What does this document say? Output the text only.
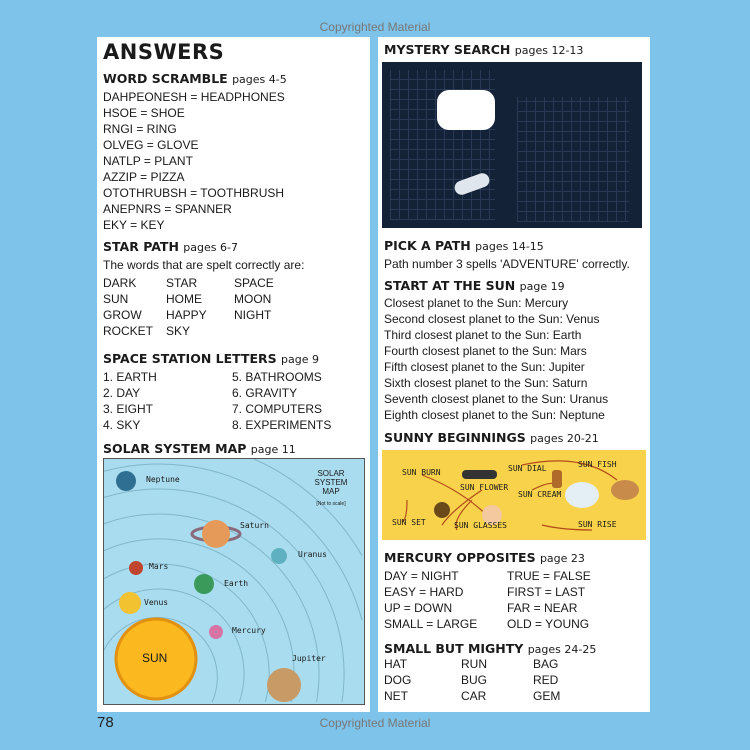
Copyrighted Material
Copyrighted Material
78
ANSWERS
WORD SCRAMBLE pages 4-5
DAHPEONESH = HEADPHONES
HSOE = SHOE
RNGI = RING
OLVEG = GLOVE
NATLP = PLANT
AZZIP = PIZZA
OTOTHRUBSH = TOOTHBRUSH
ANEPNRS = SPANNER
EKY = KEY
STAR PATH pages 6-7
The words that are spelt correctly are:
DARK	STAR	SPACE
SUN	HOME	MOON
GROW	HAPPY	NIGHT
ROCKET	SKY
SPACE STATION LETTERS page 9
1. EARTH	5. BATHROOMS
2. DAY	6. GRAVITY
3. EIGHT	7. COMPUTERS
4. SKY	8. EXPERIMENTS
SOLAR SYSTEM MAP page 11
SUN
SOLAR SYSTEM MAP
[Not to scale]
Neptune
Saturn
Uranus
Mars
Earth
Venus
Mercury
Jupiter
MYSTERY SEARCH pages 12-13
PICK A PATH pages 14-15
Path number 3 spells 'ADVENTURE' correctly.
START AT THE SUN page 19
Closest planet to the Sun: Mercury
Second closest planet to the Sun: Venus
Third closest planet to the Sun: Earth
Fourth closest planet to the Sun: Mars
Fifth closest planet to the Sun: Jupiter
Sixth closest planet to the Sun: Saturn
Seventh closest planet to the Sun: Uranus
Eighth closest planet to the Sun: Neptune
SUNNY BEGINNINGS pages 20-21
SUN BURN
SUN FLOWER
SUN DIAL	SUN FISH
SUN CREAM
SUN SET	SUN GLASSES	SUN RISE
MERCURY OPPOSITES page 23
DAY = NIGHT	TRUE = FALSE
EASY = HARD	FIRST = LAST
UP = DOWN	FAR = NEAR
SMALL = LARGE	OLD = YOUNG
SMALL BUT MIGHTY pages 24-25
HAT	RUN	BAG
DOG	BUG	RED
NET	CAR	GEM
